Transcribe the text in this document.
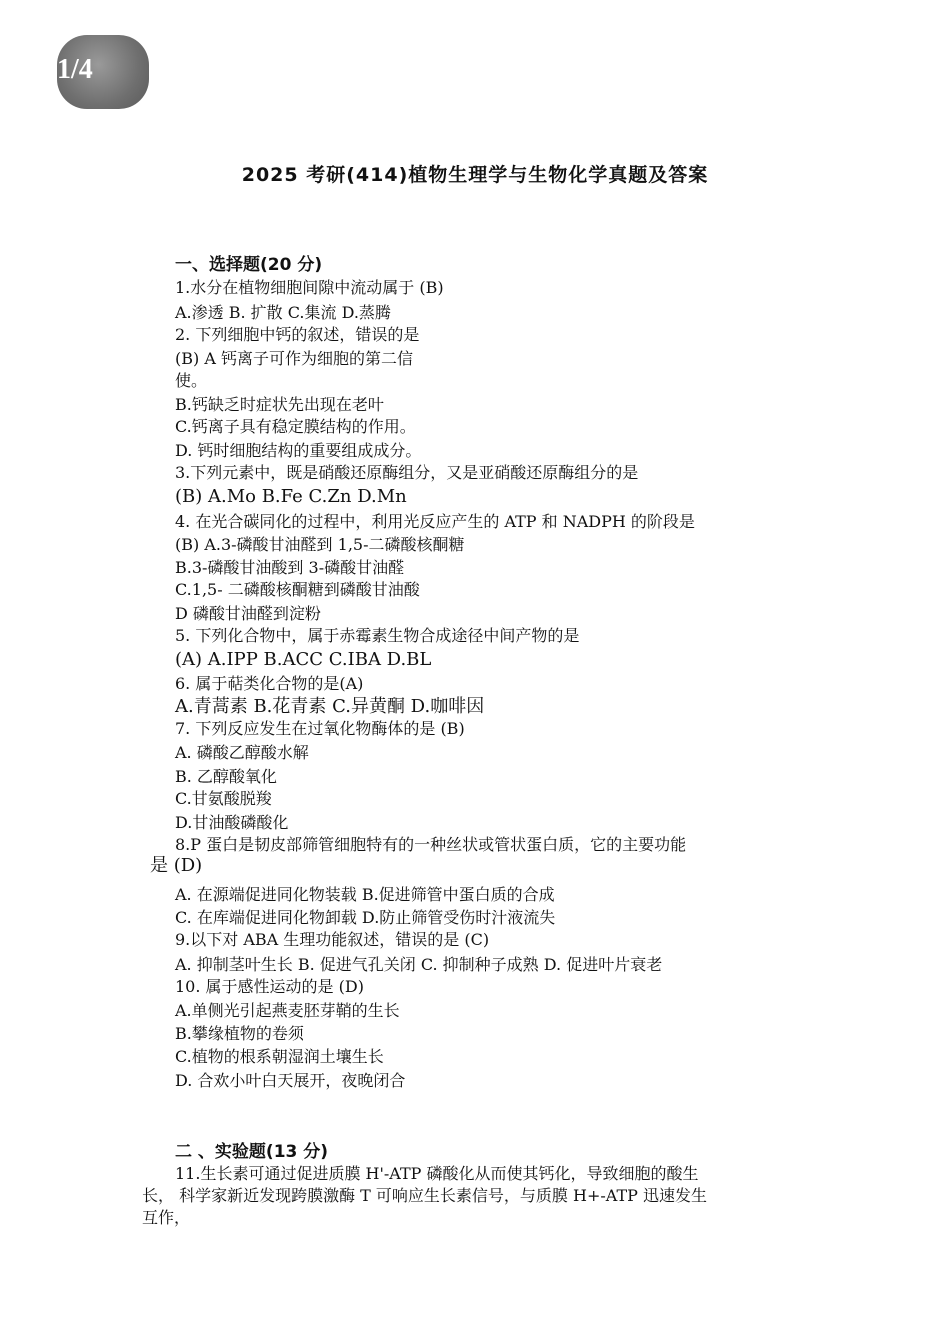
1/4
2025 考研(414)植物生理学与生物化学真题及答案
一、选择题(20 分)
1.水分在植物细胞间隙中流动属于 (B)
A.渗透 B. 扩散 C.集流 D.蒸腾
2. 下列细胞中钙的叙述，错误的是
(B) A 钙离子可作为细胞的第二信
使。
B.钙缺乏时症状先出现在老叶
C.钙离子具有稳定膜结构的作用。
D. 钙时细胞结构的重要组成成分。
3.下列元素中，既是硝酸还原酶组分，又是亚硝酸还原酶组分的是
(B) A.Mo B.Fe C.Zn D.Mn
4. 在光合碳同化的过程中，利用光反应产生的 ATP 和 NADPH 的阶段是
(B) A.3-磷酸甘油醛到 1,5-二磷酸核酮糖
B.3-磷酸甘油酸到 3-磷酸甘油醛
C.1,5- 二磷酸核酮糖到磷酸甘油酸
D 磷酸甘油醛到淀粉
5. 下列化合物中，属于赤霉素生物合成途径中间产物的是
(A) A.IPP B.ACC C.IBA D.BL
6. 属于萜类化合物的是(A)
A.青蒿素 B.花青素 C.异黄酮 D.咖啡因
7. 下列反应发生在过氧化物酶体的是 (B)
A. 磷酸乙醇酸水解
B. 乙醇酸氧化
C.甘氨酸脱羧
D.甘油酸磷酸化
8.P 蛋白是韧皮部筛管细胞特有的一种丝状或管状蛋白质，它的主要功能
是 (D)
A. 在源端促进同化物装载 B.促进筛管中蛋白质的合成
C. 在库端促进同化物卸载 D.防止筛管受伤时汁液流失
9.以下对 ABA 生理功能叙述，错误的是 (C)
A. 抑制茎叶生长 B. 促进气孔关闭 C. 抑制种子成熟 D. 促进叶片衰老
10. 属于感性运动的是 (D)
A.单侧光引起燕麦胚芽鞘的生长
B.攀缘植物的卷须
C.植物的根系朝湿润土壤生长
D. 合欢小叶白天展开，夜晚闭合
二 、实验题(13 分)
11.生长素可通过促进质膜 H'-ATP 磷酸化从而使其钙化，导致细胞的酸生
长， 科学家新近发现跨膜激酶 T 可响应生长素信号，与质膜 H+-ATP 迅速发生
互作，
